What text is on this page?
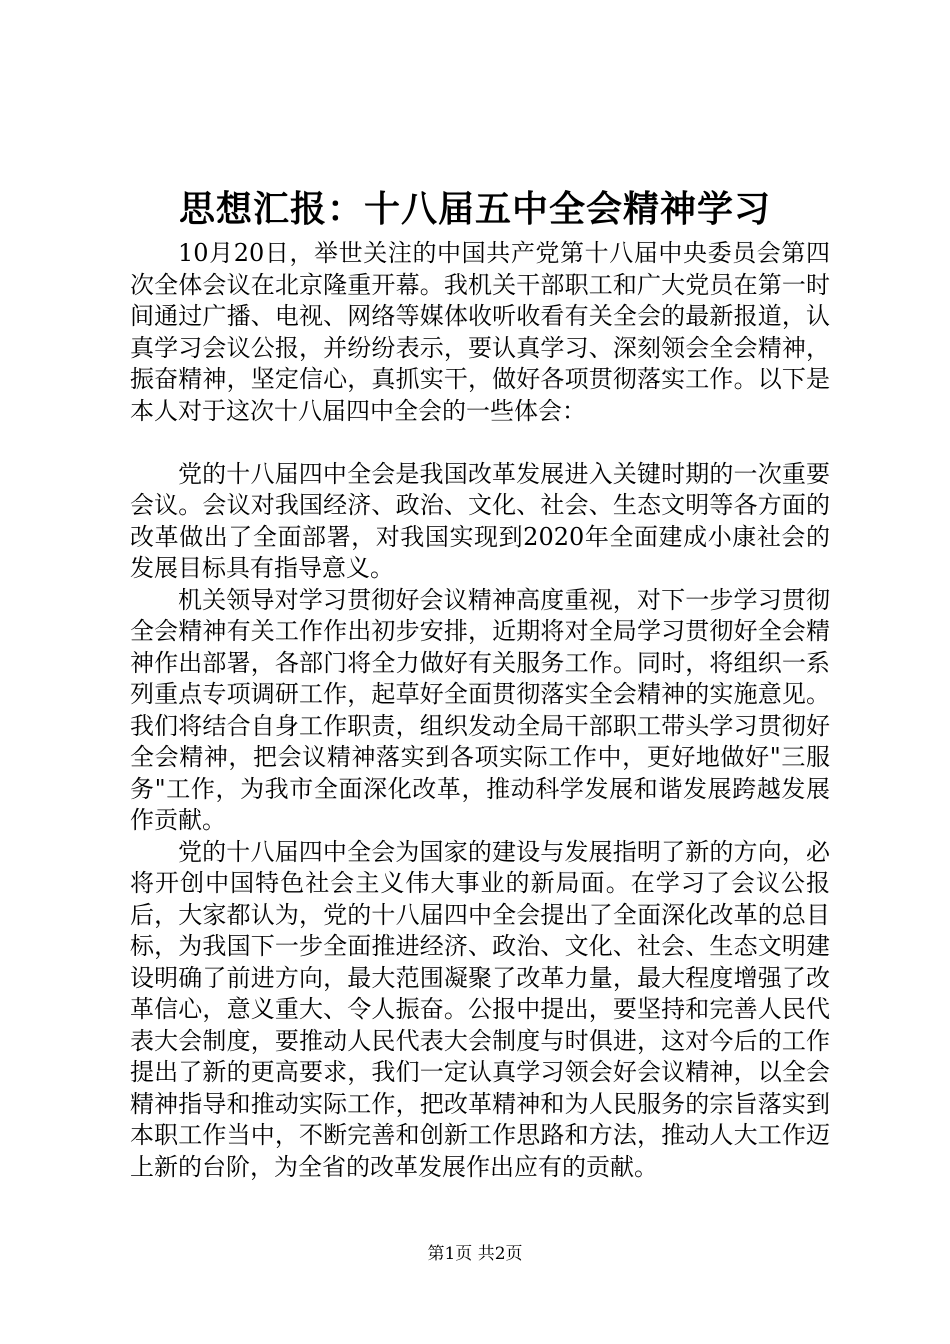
思想汇报：十八届五中全会精神学习

10月20日，举世关注的中国共产党第十八届中央委员会第四次全体会议在北京隆重开幕。我机关干部职工和广大党员在第一时间通过广播、电视、网络等媒体收听收看有关全会的最新报道，认真学习会议公报，并纷纷表示，要认真学习、深刻领会全会精神，振奋精神，坚定信心，真抓实干，做好各项贯彻落实工作。以下是本人对于这次十八届四中全会的一些体会：

党的十八届四中全会是我国改革发展进入关键时期的一次重要会议。会议对我国经济、政治、文化、社会、生态文明等各方面的改革做出了全面部署，对我国实现到2020年全面建成小康社会的发展目标具有指导意义。

机关领导对学习贯彻好会议精神高度重视，对下一步学习贯彻全会精神有关工作作出初步安排，近期将对全局学习贯彻好全会精神作出部署，各部门将全力做好有关服务工作。同时，将组织一系列重点专项调研工作，起草好全面贯彻落实全会精神的实施意见。我们将结合自身工作职责，组织发动全局干部职工带头学习贯彻好全会精神，把会议精神落实到各项实际工作中，更好地做好"三服务"工作，为我市全面深化改革，推动科学发展和谐发展跨越发展作贡献。

党的十八届四中全会为国家的建设与发展指明了新的方向，必将开创中国特色社会主义伟大事业的新局面。在学习了会议公报后，大家都认为，党的十八届四中全会提出了全面深化改革的总目标，为我国下一步全面推进经济、政治、文化、社会、生态文明建设明确了前进方向，最大范围凝聚了改革力量，最大程度增强了改革信心，意义重大、令人振奋。公报中提出，要坚持和完善人民代表大会制度，要推动人民代表大会制度与时俱进，这对今后的工作提出了新的更高要求，我们一定认真学习领会好会议精神，以全会精神指导和推动实际工作，把改革精神和为人民服务的宗旨落实到本职工作当中，不断完善和创新工作思路和方法，推动人大工作迈上新的台阶，为全省的改革发展作出应有的贡献。

第1页 共2页
